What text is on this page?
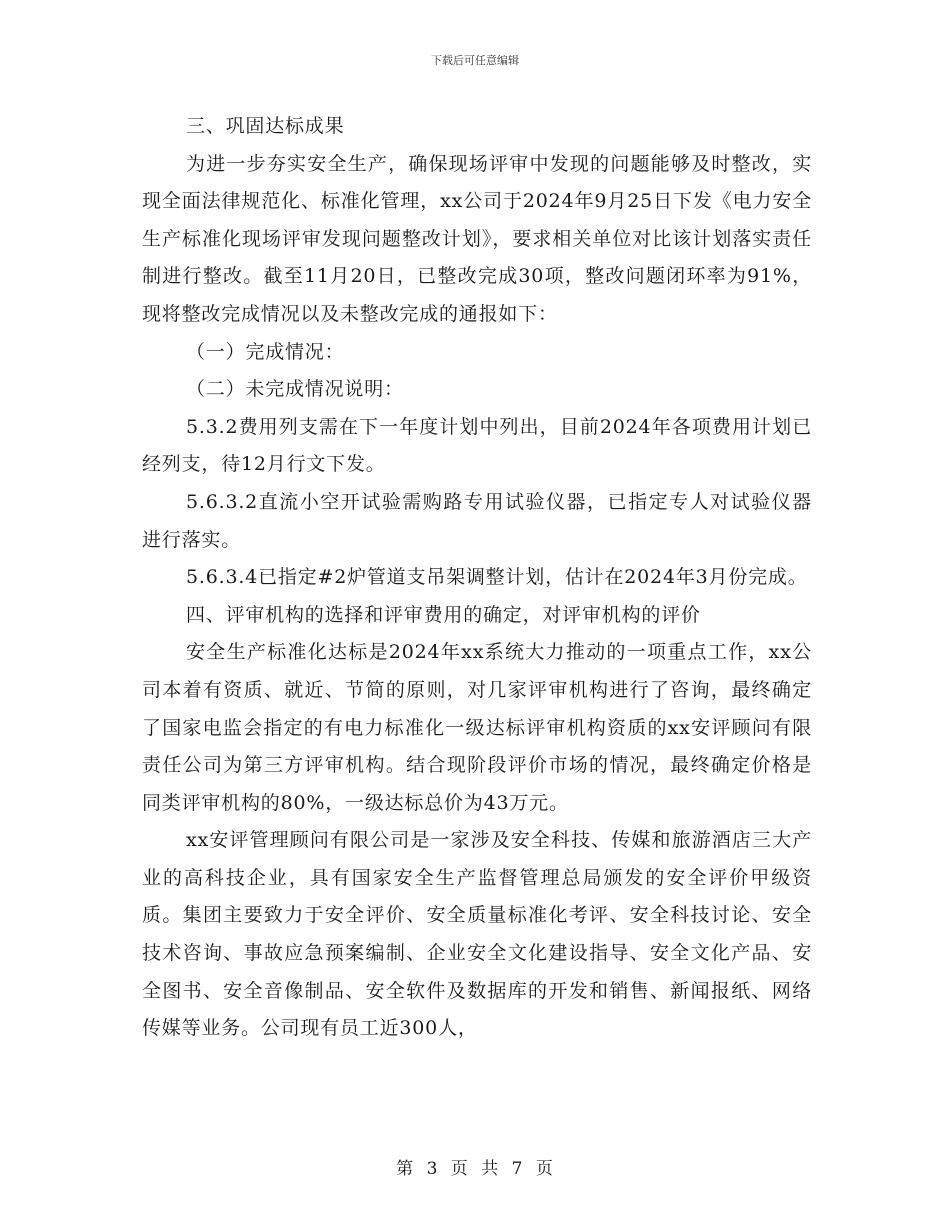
下载后可任意编辑

三、巩固达标成果

为进一步夯实安全生产，确保现场评审中发现的问题能够及时整改，实现全面法律规范化、标准化管理，xx公司于2024年9月25日下发《电力安全生产标准化现场评审发现问题整改计划》，要求相关单位对比该计划落实责任制进行整改。截至11月20日，已整改完成30项，整改问题闭环率为91%，现将整改完成情况以及未整改完成的通报如下：

（一）完成情况：

（二）未完成情况说明：

5.3.2费用列支需在下一年度计划中列出，目前2024年各项费用计划已经列支，待12月行文下发。

5.6.3.2直流小空开试验需购路专用试验仪器，已指定专人对试验仪器进行落实。

5.6.3.4已指定#2炉管道支吊架调整计划，估计在2024年3月份完成。

四、评审机构的选择和评审费用的确定，对评审机构的评价

安全生产标准化达标是2024年xx系统大力推动的一项重点工作，xx公司本着有资质、就近、节简的原则，对几家评审机构进行了咨询，最终确定了国家电监会指定的有电力标准化一级达标评审机构资质的xx安评顾问有限责任公司为第三方评审机构。结合现阶段评价市场的情况，最终确定价格是同类评审机构的80%，一级达标总价为43万元。

xx安评管理顾问有限公司是一家涉及安全科技、传媒和旅游酒店三大产业的高科技企业，具有国家安全生产监督管理总局颁发的安全评价甲级资质。集团主要致力于安全评价、安全质量标准化考评、安全科技讨论、安全技术咨询、事故应急预案编制、企业安全文化建设指导、安全文化产品、安全图书、安全音像制品、安全软件及数据库的开发和销售、新闻报纸、网络传媒等业务。公司现有员工近300人，

第 3 页 共 7 页
